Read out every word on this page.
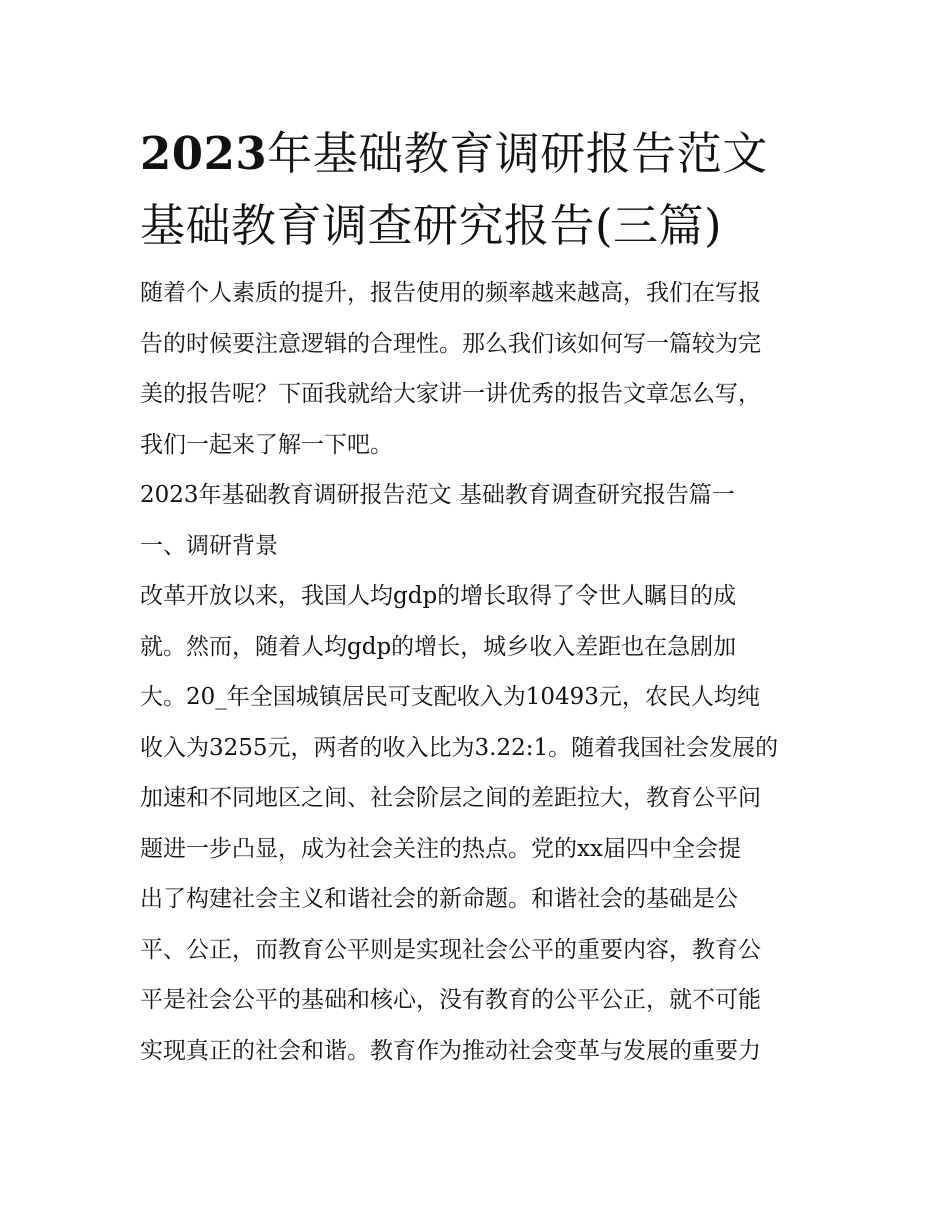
2023年基础教育调研报告范文
基础教育调查研究报告(三篇)
随着个人素质的提升，报告使用的频率越来越高，我们在写报
告的时候要注意逻辑的合理性。那么我们该如何写一篇较为完
美的报告呢？下面我就给大家讲一讲优秀的报告文章怎么写，
我们一起来了解一下吧。

2023年基础教育调研报告范文 基础教育调查研究报告篇一

一、调研背景

改革开放以来，我国人均gdp的增长取得了令世人瞩目的成
就。然而，随着人均gdp的增长，城乡收入差距也在急剧加
大。20_年全国城镇居民可支配收入为10493元，农民人均纯
收入为3255元，两者的收入比为3.22:1。随着我国社会发展的
加速和不同地区之间、社会阶层之间的差距拉大，教育公平问
题进一步凸显，成为社会关注的热点。党的xx届四中全会提
出了构建社会主义和谐社会的新命题。和谐社会的基础是公
平、公正，而教育公平则是实现社会公平的重要内容，教育公
平是社会公平的基础和核心，没有教育的公平公正，就不可能
实现真正的社会和谐。教育作为推动社会变革与发展的重要力
